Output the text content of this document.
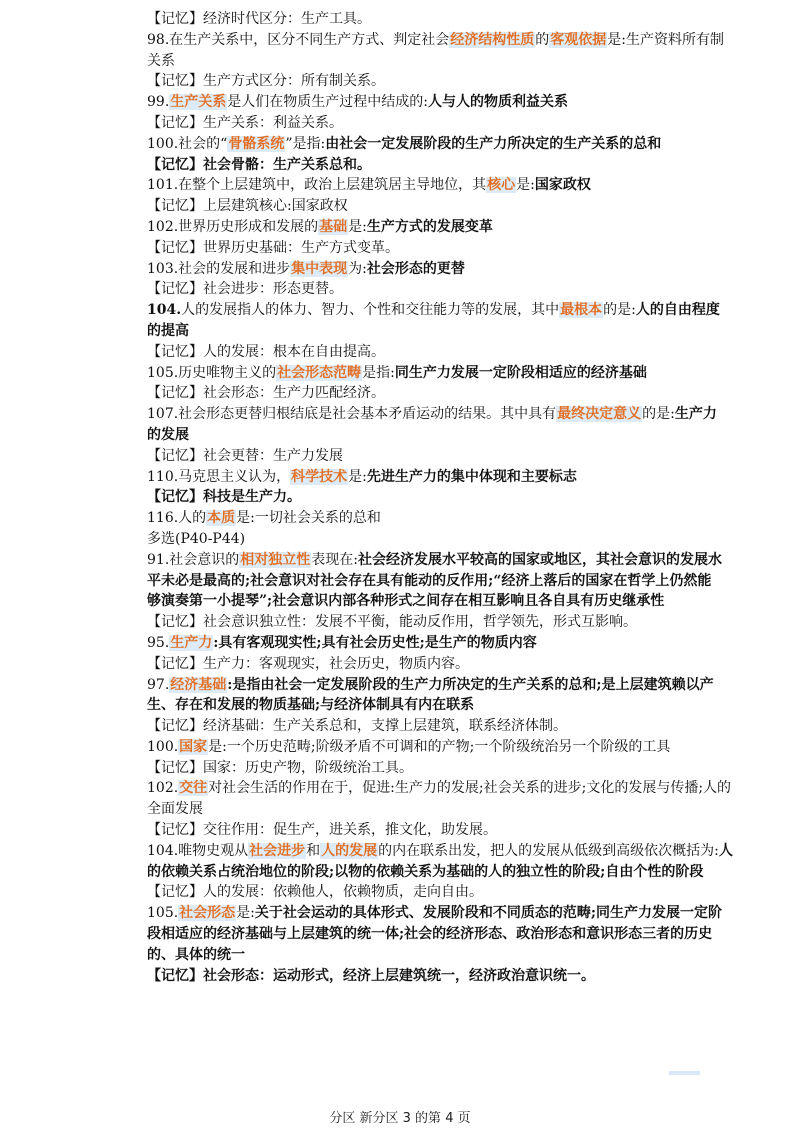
【记忆】经济时代区分：生产工具。
98.在生产关系中，区分不同生产方式、判定社会经济结构性质的客观依据是:生产资料所有制
关系
【记忆】生产方式区分：所有制关系。
99.生产关系是人们在物质生产过程中结成的:人与人的物质利益关系
【记忆】生产关系：利益关系。
100.社会的“骨骼系统”是指:由社会一定发展阶段的生产力所决定的生产关系的总和
【记忆】社会骨骼：生产关系总和。
101.在整个上层建筑中，政治上层建筑居主导地位，其核心是:国家政权
【记忆】上层建筑核心:国家政权
102.世界历史形成和发展的基础是:生产方式的发展变革
【记忆】世界历史基础：生产方式变革。
103.社会的发展和进步集中表现为:社会形态的更替
【记忆】社会进步：形态更替。
104.人的发展指人的体力、智力、个性和交往能力等的发展，其中最根本的是:人的自由程度
的提高
【记忆】人的发展：根本在自由提高。
105.历史唯物主义的社会形态范畴是指:同生产力发展一定阶段相适应的经济基础
【记忆】社会形态：生产力匹配经济。
107.社会形态更替归根结底是社会基本矛盾运动的结果。其中具有最终决定意义的是:生产力
的发展
【记忆】社会更替：生产力发展
110.马克思主义认为，科学技术是:先进生产力的集中体现和主要标志
【记忆】科技是生产力。
116.人的本质是:一切社会关系的总和
多选(P40-P44)
91.社会意识的相对独立性表现在:社会经济发展水平较高的国家或地区，其社会意识的发展水
平未必是最高的;社会意识对社会存在具有能动的反作用;“经济上落后的国家在哲学上仍然能
够演奏第一小提琴”;社会意识内部各种形式之间存在相互影响且各自具有历史继承性
【记忆】社会意识独立性：发展不平衡，能动反作用，哲学领先，形式互影响。
95.生产力:具有客观现实性;具有社会历史性;是生产的物质内容
【记忆】生产力：客观现实，社会历史，物质内容。
97.经济基础:是指由社会一定发展阶段的生产力所决定的生产关系的总和;是上层建筑赖以产
生、存在和发展的物质基础;与经济体制具有内在联系
【记忆】经济基础：生产关系总和，支撑上层建筑，联系经济体制。
100.国家是:一个历史范畴;阶级矛盾不可调和的产物;一个阶级统治另一个阶级的工具
【记忆】国家：历史产物，阶级统治工具。
102.交往对社会生活的作用在于，促进:生产力的发展;社会关系的进步;文化的发展与传播;人的
全面发展
【记忆】交往作用：促生产，进关系，推文化，助发展。
104.唯物史观从社会进步和人的发展的内在联系出发，把人的发展从低级到高级依次概括为:人
的依赖关系占统治地位的阶段;以物的依赖关系为基础的人的独立性的阶段;自由个性的阶段
【记忆】人的发展：依赖他人，依赖物质，走向自由。
105.社会形态是:关于社会运动的具体形式、发展阶段和不同质态的范畴;同生产力发展一定阶
段相适应的经济基础与上层建筑的统一体;社会的经济形态、政治形态和意识形态三者的历史
的、具体的统一
【记忆】社会形态：运动形式，经济上层建筑统一，经济政治意识统一。
分区 新分区 3 的第 4 页
